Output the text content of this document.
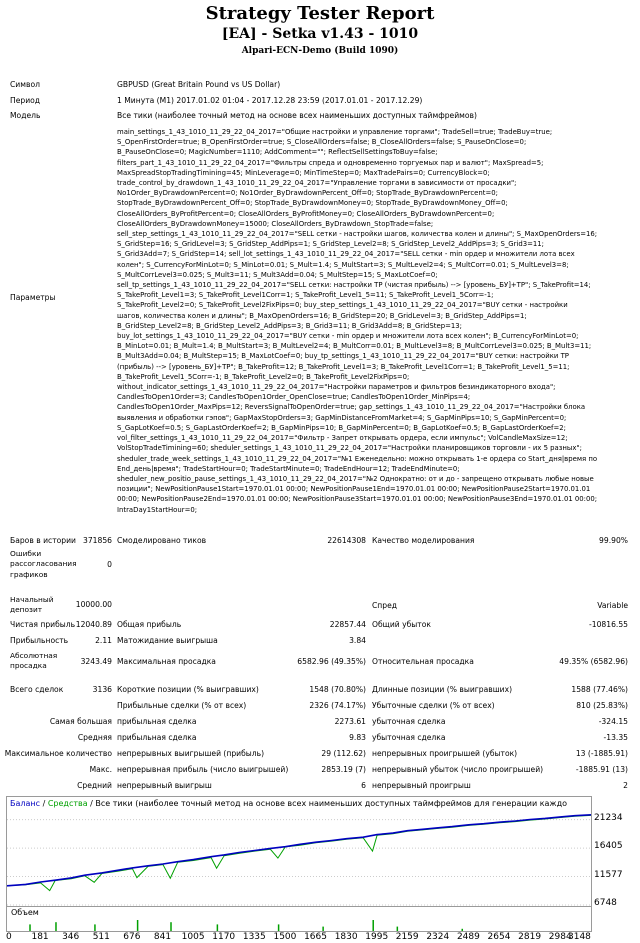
Strategy Tester Report
[EA] - Setka v1.43 - 1010
Alpari-ECN-Demo (Build 1090)
Символ	GBPUSD (Great Britain Pound vs US Dollar)
Период	1 Минута (M1) 2017.01.02 01:04 - 2017.12.28 23:59 (2017.01.01 - 2017.12.29)
Модель	Все тики (наиболее точный метод на основе всех наименьших доступных таймфреймов)
Параметры
main_settings_1_43_1010_11_29_22_04_2017="Общие настройки и управление торгами"; TradeSell=true; TradeBuy=true;
S_OpenFirstOrder=true; B_OpenFirstOrder=true; S_CloseAllOrders=false; B_CloseAllOrders=false; S_PauseOnClose=0;
B_PauseOnClose=0; MagicNumber=1110; AddComment=""; ReflectSellSettingsToBuy=false;
filters_part_1_43_1010_11_29_22_04_2017="Фильтры спреда и одновременно торгуемых пар и валют"; MaxSpread=5;
MaxSpreadStopTradingTimining=45; MinLeverage=0; MinTimeStep=0; MaxTradePairs=0; CurrencyBlock=0;
trade_control_by_drawdown_1_43_1010_11_29_22_04_2017="Управление торгами в зависимости от просадки";
No1Order_ByDrawdownPercent=0; No1Order_ByDrawdownPercent_Off=0; StopTrade_ByDrawdownPercent=0;
StopTrade_ByDrawdownPercent_Off=0; StopTrade_ByDrawdownMoney=0; StopTrade_ByDrawdownMoney_Off=0;
CloseAllOrders_ByProfitPercent=0; CloseAllOrders_ByProfitMoney=0; CloseAllOrders_ByDrawdownPercent=0;
CloseAllOrders_ByDrawdownMoney=15000; CloseAllOrders_ByDrawdown_StopTrade=false;
sell_step_settings_1_43_1010_11_29_22_04_2017="SELL сетки - настройки шагов, количества колен и длины"; S_MaxOpenOrders=16;
S_GridStep=16; S_GridLevel=3; S_GridStep_AddPips=1; S_GridStep_Level2=8; S_GridStep_Level2_AddPips=3; S_Grid3=11;
S_Grid3Add=7; S_GridStep=14; sell_lot_settings_1_43_1010_11_29_22_04_2017="SELL сетки - min ордер и множители лота всех
колен"; S_CurrencyForMinLot=0; S_MinLot=0.01; S_Mult=1.4; S_MultStart=3; S_MultLevel2=4; S_MultCorr=0.01; S_MultLevel3=8;
S_MultCorrLevel3=0.025; S_Mult3=11; S_Mult3Add=0.04; S_MultStep=15; S_MaxLotCoef=0;
sell_tp_settings_1_43_1010_11_29_22_04_2017="SELL сетки: настройки TP (чистая прибыль) --> [уровень_БУ]+TP"; S_TakeProfit=14;
S_TakeProfit_Level1=3; S_TakeProfit_Level1Corr=1; S_TakeProfit_Level1_5=11; S_TakeProfit_Level1_5Corr=-1;
S_TakeProfit_Level2=0; S_TakeProfit_Level2FixPips=0; buy_step_settings_1_43_1010_11_29_22_04_2017="BUY сетки - настройки
шагов, количества колен и длины"; B_MaxOpenOrders=16; B_GridStep=20; B_GridLevel=3; B_GridStep_AddPips=1;
B_GridStep_Level2=8; B_GridStep_Level2_AddPips=3; B_Grid3=11; B_Grid3Add=8; B_GridStep=13;
buy_lot_settings_1_43_1010_11_29_22_04_2017="BUY сетки - min ордер и множители лота всех колен"; B_CurrencyForMinLot=0;
B_MinLot=0.01; B_Mult=1.4; B_MultStart=3; B_MultLevel2=4; B_MultCorr=0.01; B_MultLevel3=8; B_MultCorrLevel3=0.025; B_Mult3=11;
B_Mult3Add=0.04; B_MultStep=15; B_MaxLotCoef=0; buy_tp_settings_1_43_1010_11_29_22_04_2017="BUY сетки: настройки TP
(прибыль) --> [уровень_БУ]+TP"; B_TakeProfit=12; B_TakeProfit_Level1=3; B_TakeProfit_Level1Corr=1; B_TakeProfit_Level1_5=11;
B_TakeProfit_Level1_5Corr=-1; B_TakeProfit_Level2=0; B_TakeProfit_Level2FixPips=0;
without_indicator_settings_1_43_1010_11_29_22_04_2017="Настройки параметров и фильтров безиндикаторного входа";
CandlesToOpen1Order=3; CandlesToOpen1Order_OpenClose=true; CandlesToOpen1Order_MinPips=4;
CandlesToOpen1Order_MaxPips=12; ReversSignalToOpenOrder=true; gap_settings_1_43_1010_11_29_22_04_2017="Настройки блока
выявления и обработки гэпов"; GapMaxStopOrders=3; GapMinDistanceFromMarket=4; S_GapMinPips=10; S_GapMinPercent=0;
S_GapLotKoef=0.5; S_GapLastOrderKoef=2; B_GapMinPips=10; B_GapMinPercent=0; B_GapLotKoef=0.5; B_GapLastOrderKoef=2;
vol_filter_settings_1_43_1010_11_29_22_04_2017="Фильтр - Запрет открывать ордера, если импульс"; VolCandleMaxSize=12;
VolStopTradeTimining=60; sheduler_settings_1_43_1010_11_29_22_04_2017="Настройки планировщиков торговли - их 5 разных";
sheduler_trade_week_settings_1_43_1010_11_29_22_04_2017="№1 Еженедельно: можно открывать 1-е ордера со Start_дня|время по
End_день|время"; TradeStartHour=0; TradeStartMinute=0; TradeEndHour=12; TradeEndMinute=0;
sheduler_new_positio_pause_settings_1_43_1010_11_29_22_04_2017="№2 Однократно: от и до - запрещено открывать любые новые
позиции"; NewPositionPause1Start=1970.01.01 00:00; NewPositionPause1End=1970.01.01 00:00; NewPositionPause2Start=1970.01.01
00:00; NewPositionPause2End=1970.01.01 00:00; NewPositionPause3Start=1970.01.01 00:00; NewPositionPause3End=1970.01.01 00:00;
IntraDay1StartHour=0;
Баров в истории 371856 Смоделировано тиков	22614308 Качество моделирования	99.90%
Ошибки
рассогласования
графиков
0
Начальный
депозит
10000.00	Спред	Variable
Чистая прибыль 12040.89 Общая прибыль	22857.44 Общий убыток	-10816.55
Прибыльность	2.11 Матожидание выигрыша	3.84
Абсолютная
просадка	3243.49 Максимальная просадка	6582.96 (49.35%) Относительная просадка	49.35% (6582.96)
Всего сделок	3136 Короткие позиции (% выигравших)	1548 (70.80%) Длинные позиции (% выигравших)	1588 (77.46%)
Прибыльные сделки (% от всех)	2326 (74.17%) Убыточные сделки (% от всех)	810 (25.83%)
Самая большая прибыльная сделка	2273.61 убыточная сделка	-324.15
Средняя прибыльная сделка	9.83 убыточная сделка	-13.35
Максимальное количество непрерывных выигрышей (прибыль)	29 (112.62) непрерывных проигрышей (убыток)	13 (-1885.91)
Макс. непрерывная прибыль (число выигрышей)	2853.19 (7) непрерывный убыток (число проигрышей)	-1885.91 (13)
Средний непрерывный выигрыш	6 непрерывный проигрыш	2
Баланс / Средства / Все тики (наиболее точный метод на основе всех наименьших доступных таймфреймов для генерации каждо
Объем
21234
16405
11577
6748
0 181 346 511 676 841 1005 1170 1335 1500 1665 1830 1995 2159 2324 2489 2654 2819 2984
3148
